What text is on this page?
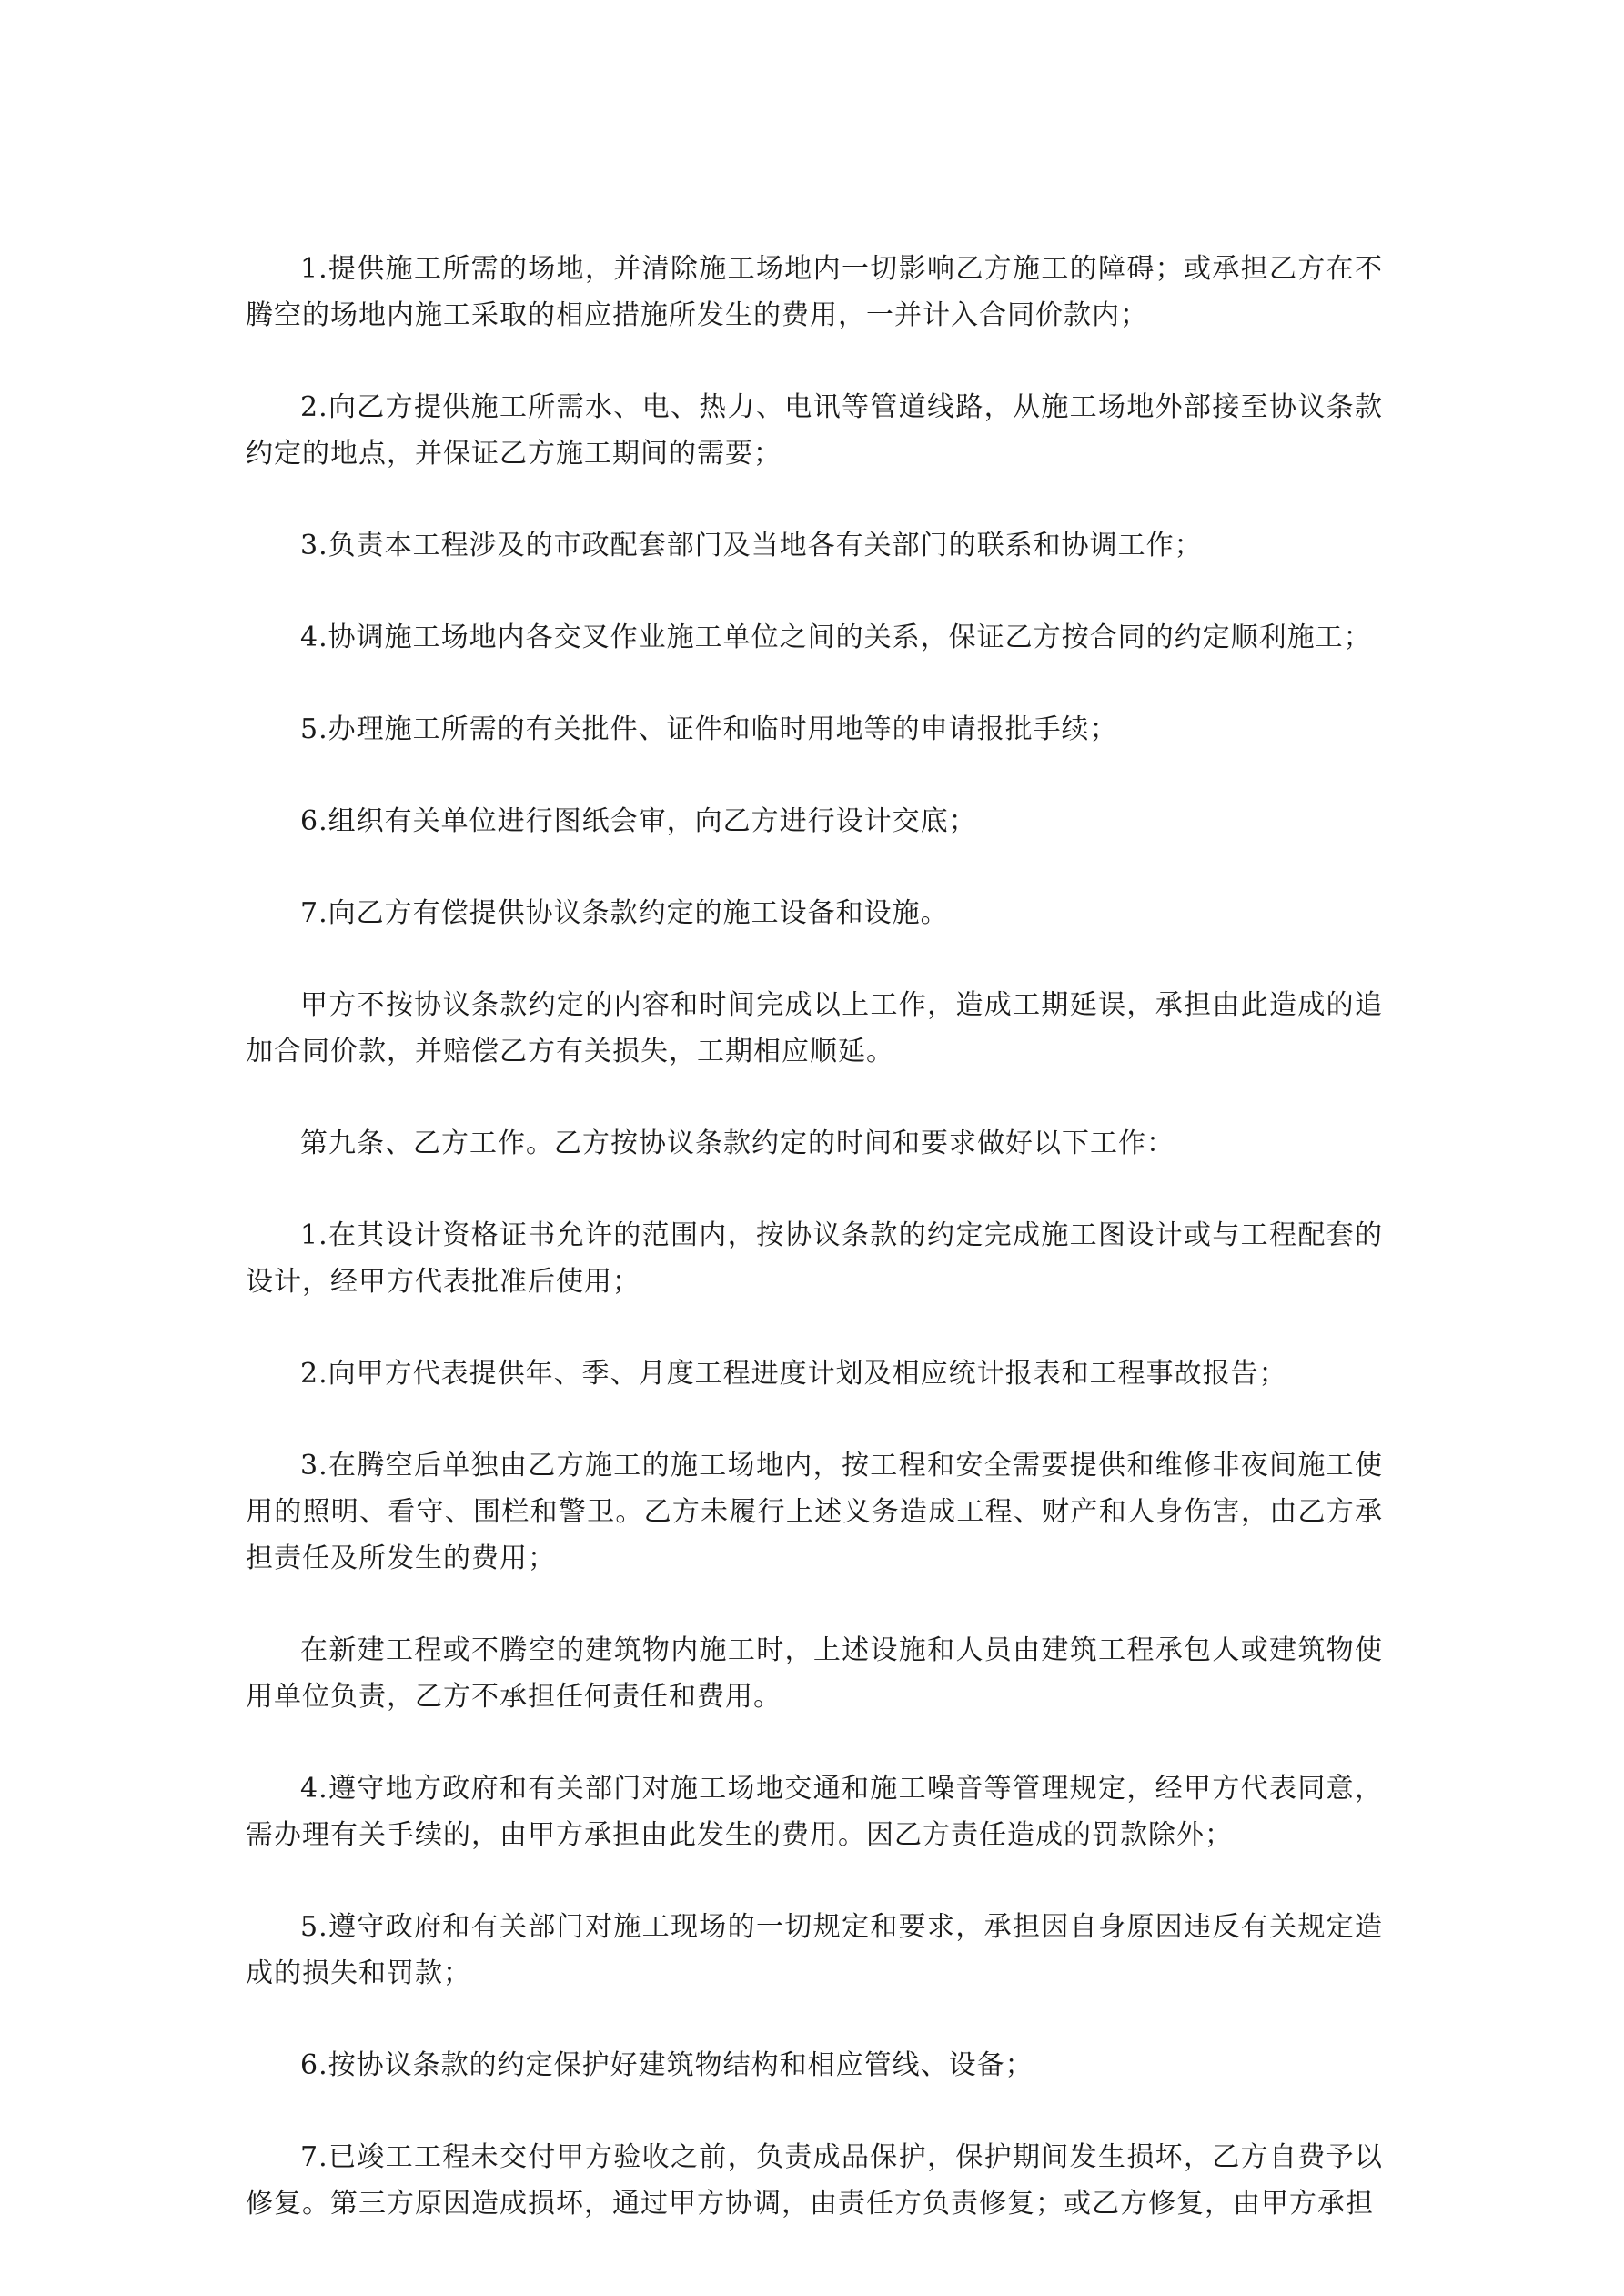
1.提供施工所需的场地，并清除施工场地内一切影响乙方施工的障碍；或承担乙方在不腾空的场地内施工采取的相应措施所发生的费用，一并计入合同价款内；

2.向乙方提供施工所需水、电、热力、电讯等管道线路，从施工场地外部接至协议条款约定的地点，并保证乙方施工期间的需要；

3.负责本工程涉及的市政配套部门及当地各有关部门的联系和协调工作；

4.协调施工场地内各交叉作业施工单位之间的关系，保证乙方按合同的约定顺利施工；

5.办理施工所需的有关批件、证件和临时用地等的申请报批手续；

6.组织有关单位进行图纸会审，向乙方进行设计交底；

7.向乙方有偿提供协议条款约定的施工设备和设施。

甲方不按协议条款约定的内容和时间完成以上工作，造成工期延误，承担由此造成的追加合同价款，并赔偿乙方有关损失，工期相应顺延。

第九条、乙方工作。乙方按协议条款约定的时间和要求做好以下工作：

1.在其设计资格证书允许的范围内，按协议条款的约定完成施工图设计或与工程配套的设计，经甲方代表批准后使用；

2.向甲方代表提供年、季、月度工程进度计划及相应统计报表和工程事故报告；

3.在腾空后单独由乙方施工的施工场地内，按工程和安全需要提供和维修非夜间施工使用的照明、看守、围栏和警卫。乙方未履行上述义务造成工程、财产和人身伤害，由乙方承担责任及所发生的费用；

在新建工程或不腾空的建筑物内施工时，上述设施和人员由建筑工程承包人或建筑物使用单位负责，乙方不承担任何责任和费用。

4.遵守地方政府和有关部门对施工场地交通和施工噪音等管理规定，经甲方代表同意，需办理有关手续的，由甲方承担由此发生的费用。因乙方责任造成的罚款除外；

5.遵守政府和有关部门对施工现场的一切规定和要求，承担因自身原因违反有关规定造成的损失和罚款；

6.按协议条款的约定保护好建筑物结构和相应管线、设备；

7.已竣工工程未交付甲方验收之前，负责成品保护，保护期间发生损坏，乙方自费予以修复。第三方原因造成损坏，通过甲方协调，由责任方负责修复；或乙方修复，由甲方承担
